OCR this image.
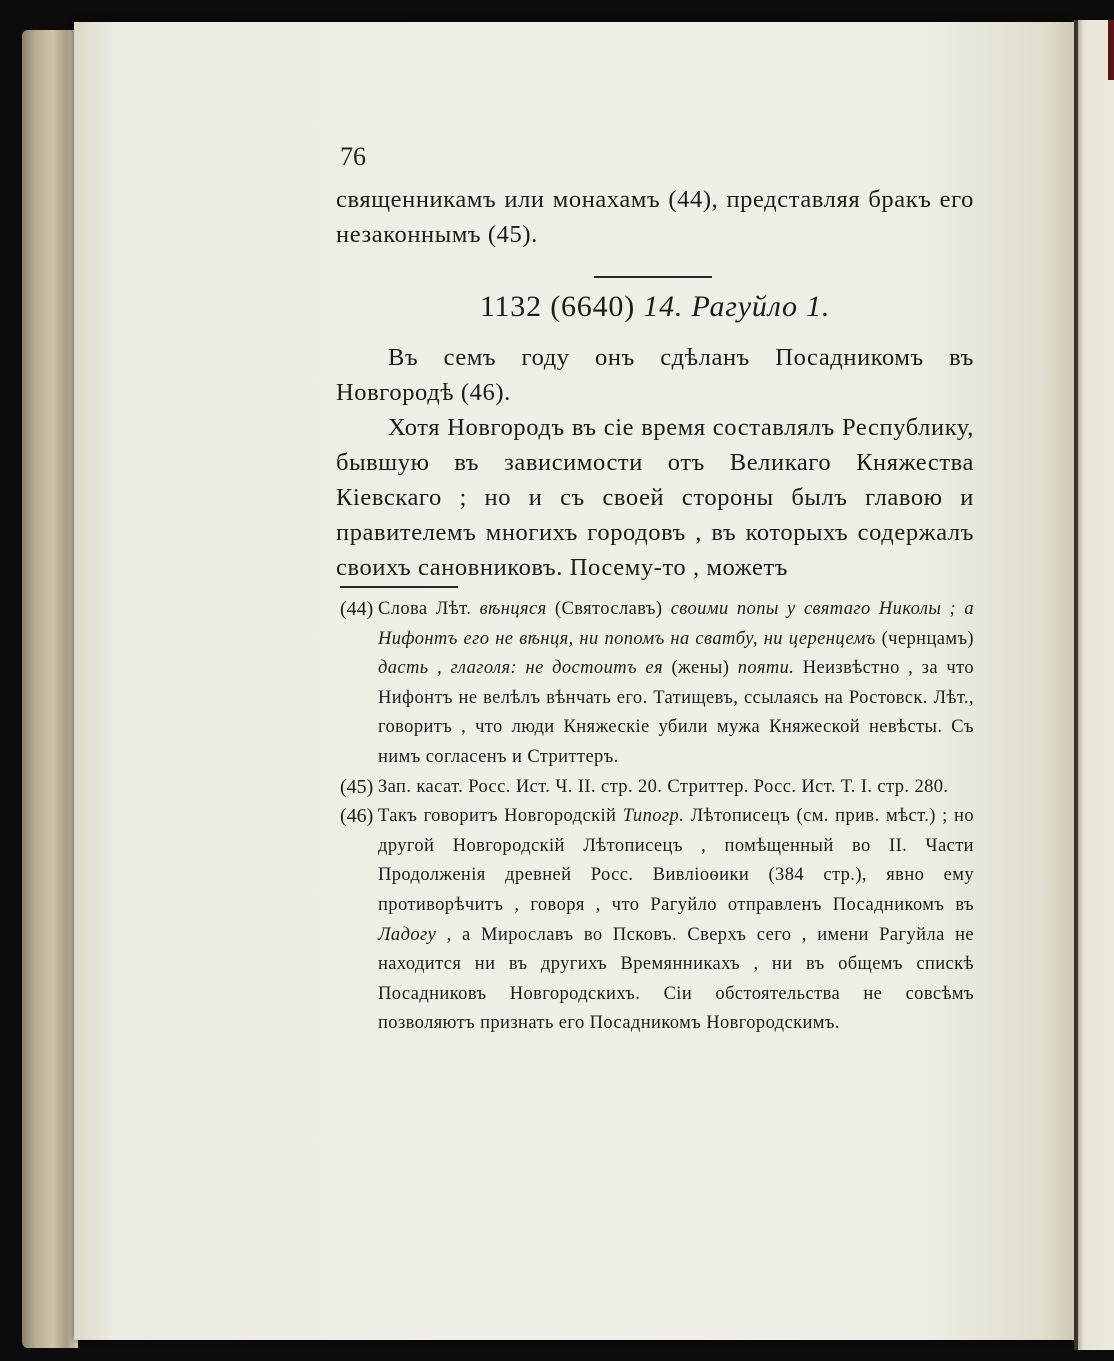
76

священникамъ или монахамъ (44), представляя бракъ его незаконнымъ (45).

1132 (6640) 14. Рагуйло 1.

Въ семъ году онъ сдѣланъ Посадникомъ въ Новгородѣ (46).

Хотя Новгородъ въ сіе время составлялъ Республику, бывшую въ зависимости отъ Великаго Княжества Кіевскаго ; но и съ своей стороны былъ главою и правителемъ многихъ городовъ , въ которыхъ содержалъ своихъ сановниковъ. Посему-то , можетъ

(44) Слова Лѣт. вѣнцяся (Святославъ) своими попы у святаго Николы ; а Нифонтъ его не вѣнця, ни попомъ на сватбу, ни церенцемъ (чернцамъ) дасть , глаголя: не достоитъ ея (жены) пояти. Неизвѣстно , за что Нифонтъ не велѣлъ вѣнчать его. Татищевъ, ссылаясь на Ростовск. Лѣт., говоритъ , что люди Княжескіе убили мужа Княжеской невѣсты. Съ нимъ согласенъ и Стриттеръ.
(45) Зап. касат. Росс. Ист. Ч. II. стр. 20. Стриттер. Росс. Ист. Т. I. стр. 280.
(46) Такъ говоритъ Новгородскій Типогр. Лѣтописецъ (см. прив. мѣст.) ; но другой Новгородскій Лѣтописецъ , помѣщенный во II. Части Продолженія древней Росс. Вивліоѳики (384 стр.), явно ему противорѣчитъ , говоря , что Рагуйло отправленъ Посадникомъ въ Ладогу , а Мирославъ во Псковъ. Сверхъ сего , имени Рагуйла не находится ни въ другихъ Времянникахъ , ни въ общемъ спискѣ Посадниковъ Новгородскихъ. Сіи обстоятельства не совсѣмъ позволяютъ признать его Посадникомъ Новгородскимъ.
